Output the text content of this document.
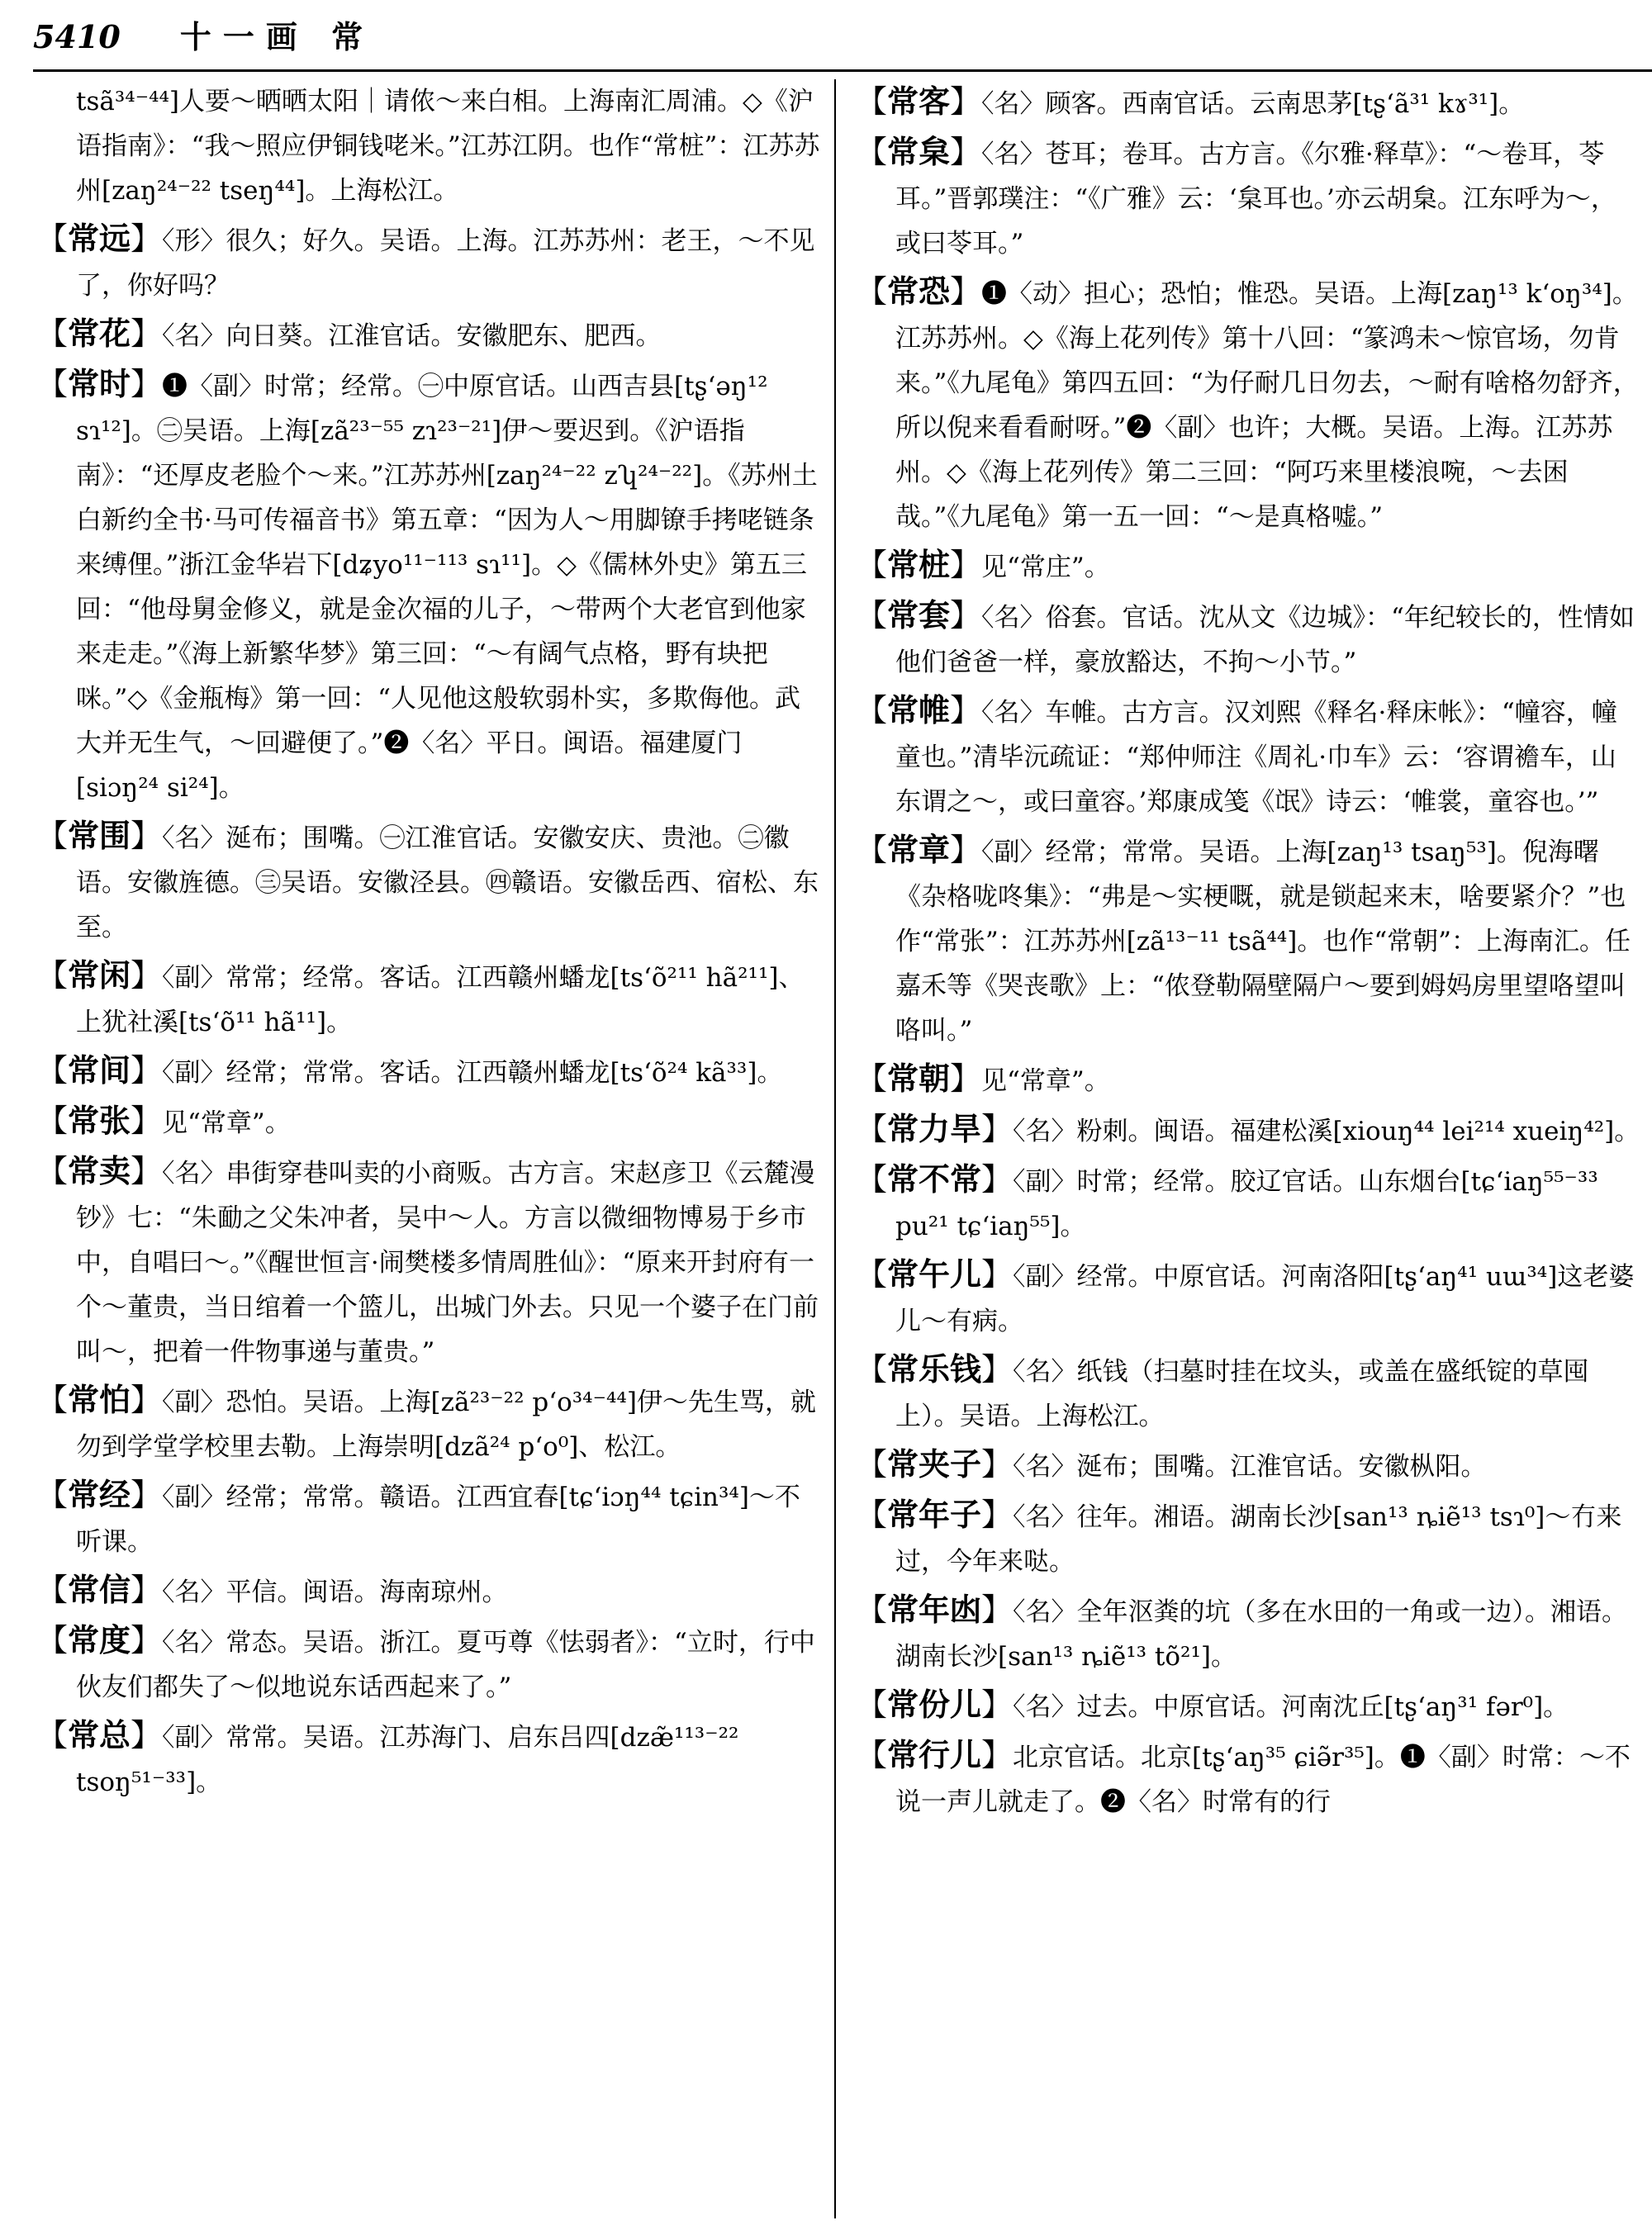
5410 十一画 常
tsã³⁴⁻⁴⁴]人要～晒晒太阳｜请侬～来白相。上海南汇周浦。◇《沪语指南》：“我～照应伊铜钱咾米。”江苏江阴。也作“常桩”：江苏苏州[zaŋ²⁴⁻²² tseŋ⁴⁴]。上海松江。
【常远】〈形〉很久；好久。吴语。上海。江苏苏州：老王，～不见了，你好吗？
【常花】〈名〉向日葵。江淮官话。安徽肥东、肥西。
【常时】❶〈副〉时常；经常。㊀中原官话。山西吉县[tʂʻəŋ¹² sɿ¹²]。㊁吴语。上海[zã²³⁻⁵⁵ zɿ²³⁻²¹]伊～要迟到。《沪语指南》：“还厚皮老脸个～来。”江苏苏州[zaŋ²⁴⁻²² zʮ²⁴⁻²²]。《苏州土白新约全书·马可传福音书》第五章：“因为人～用脚镣手拷咾链条来缚俚。”浙江金华岩下[dʑyo¹¹⁻¹¹³ sɿ¹¹]。◇《儒林外史》第五三回：“他母舅金修义，就是金次福的儿子，～带两个大老官到他家来走走。”《海上新繁华梦》第三回：“～有阔气点格，野有块把咪。”◇《金瓶梅》第一回：“人见他这般软弱朴实，多欺侮他。武大并无生气，～回避便了。”❷〈名〉平日。闽语。福建厦门[siɔŋ²⁴ si²⁴]。
【常围】〈名〉涎布；围嘴。㊀江淮官话。安徽安庆、贵池。㊁徽语。安徽旌德。㊂吴语。安徽泾县。㊃赣语。安徽岳西、宿松、东至。
【常闲】〈副〉常常；经常。客话。江西赣州蟠龙[tsʻõ²¹¹ hã²¹¹]、上犹社溪[tsʻõ¹¹ hã¹¹]。
【常间】〈副〉经常；常常。客话。江西赣州蟠龙[tsʻõ²⁴ kã³³]。
【常张】见“常章”。
【常卖】〈名〉串街穿巷叫卖的小商贩。古方言。宋赵彦卫《云麓漫钞》七：“朱勔之父朱冲者，吴中～人。方言以微细物博易于乡市中，自唱曰～。”《醒世恒言·闹樊楼多情周胜仙》：“原来开封府有一个～董贵，当日绾着一个篮儿，出城门外去。只见一个婆子在门前叫～，把着一件物事递与董贵。”
【常怕】〈副〉恐怕。吴语。上海[zã²³⁻²² pʻo³⁴⁻⁴⁴]伊～先生骂，就勿到学堂学校里去勒。上海崇明[dzã²⁴ pʻo⁰]、松江。
【常经】〈副〉经常；常常。赣语。江西宜春[tɕʻiɔŋ⁴⁴ tɕin³⁴]～不听课。
【常信】〈名〉平信。闽语。海南琼州。
【常度】〈名〉常态。吴语。浙江。夏丏尊《怯弱者》：“立时，行中伙友们都失了～似地说东话西起来了。”
【常总】〈副〉常常。吴语。江苏海门、启东吕四[dzæ̃¹¹³⁻²² tsoŋ⁵¹⁻³³]。
【常客】〈名〉顾客。西南官话。云南思茅[tʂʻã³¹ kɤ³¹]。
【常枲】〈名〉苍耳；卷耳。古方言。《尔雅·释草》：“～卷耳，苓耳。”晋郭璞注：“《广雅》云：‘枲耳也。’亦云胡枲。江东呼为～，或曰苓耳。”
【常恐】❶〈动〉担心；恐怕；惟恐。吴语。上海[zaŋ¹³ kʻoŋ³⁴]。江苏苏州。◇《海上花列传》第十八回：“篆鸿未～惊官场，勿肯来。”《九尾龟》第四五回：“为仔耐几日勿去，～耐有啥格勿舒齐，所以倪来看看耐呀。”❷〈副〉也许；大概。吴语。上海。江苏苏州。◇《海上花列传》第二三回：“阿巧来里楼浪啘，～去困哉。”《九尾龟》第一五一回：“～是真格嘘。”
【常桩】见“常庄”。
【常套】〈名〉俗套。官话。沈从文《边城》：“年纪较长的，性情如他们爸爸一样，豪放豁达，不拘～小节。”
【常帷】〈名〉车帷。古方言。汉刘熙《释名·释床帐》：“幢容，幢童也。”清毕沅疏证：“郑仲师注《周礼·巾车》云：‘容谓襜车，山东谓之～，或曰童容。’郑康成笺《氓》诗云：‘帷裳，童容也。’”
【常章】〈副〉经常；常常。吴语。上海[zaŋ¹³ tsaŋ⁵³]。倪海曙《杂格咙咚集》：“弗是～实梗嘅，就是锁起来末，啥要紧介？”也作“常张”：江苏苏州[zã¹³⁻¹¹ tsã⁴⁴]。也作“常朝”：上海南汇。任嘉禾等《哭丧歌》上：“侬登勒隔壁隔户～要到姆妈房里望咯望叫咯叫。”
【常朝】见“常章”。
【常力旱】〈名〉粉刺。闽语。福建松溪[xiouŋ⁴⁴ lei²¹⁴ xueiŋ⁴²]。
【常不常】〈副〉时常；经常。胶辽官话。山东烟台[tɕʻiaŋ⁵⁵⁻³³ pu²¹ tɕʻiaŋ⁵⁵]。
【常午儿】〈副〉经常。中原官话。河南洛阳[tʂʻaŋ⁴¹ uɯ³⁴]这老婆儿～有病。
【常乐钱】〈名〉纸钱（扫墓时挂在坟头，或盖在盛纸锭的草囤上）。吴语。上海松江。
【常夹子】〈名〉涎布；围嘴。江淮官话。安徽枞阳。
【常年子】〈名〉往年。湘语。湖南长沙[san¹³ ȵiẽ¹³ tsɿ⁰]～冇来过，今年来哒。
【常年凼】〈名〉全年沤粪的坑（多在水田的一角或一边）。湘语。湖南长沙[san¹³ ȵiẽ¹³ tõ²¹]。
【常份儿】〈名〉过去。中原官话。河南沈丘[tʂʻaŋ³¹ fər⁰]。
【常行儿】北京官话。北京[tʂʻaŋ³⁵ ɕiə̃r³⁵]。❶〈副〉时常：～不说一声儿就走了。❷〈名〉时常有的行
